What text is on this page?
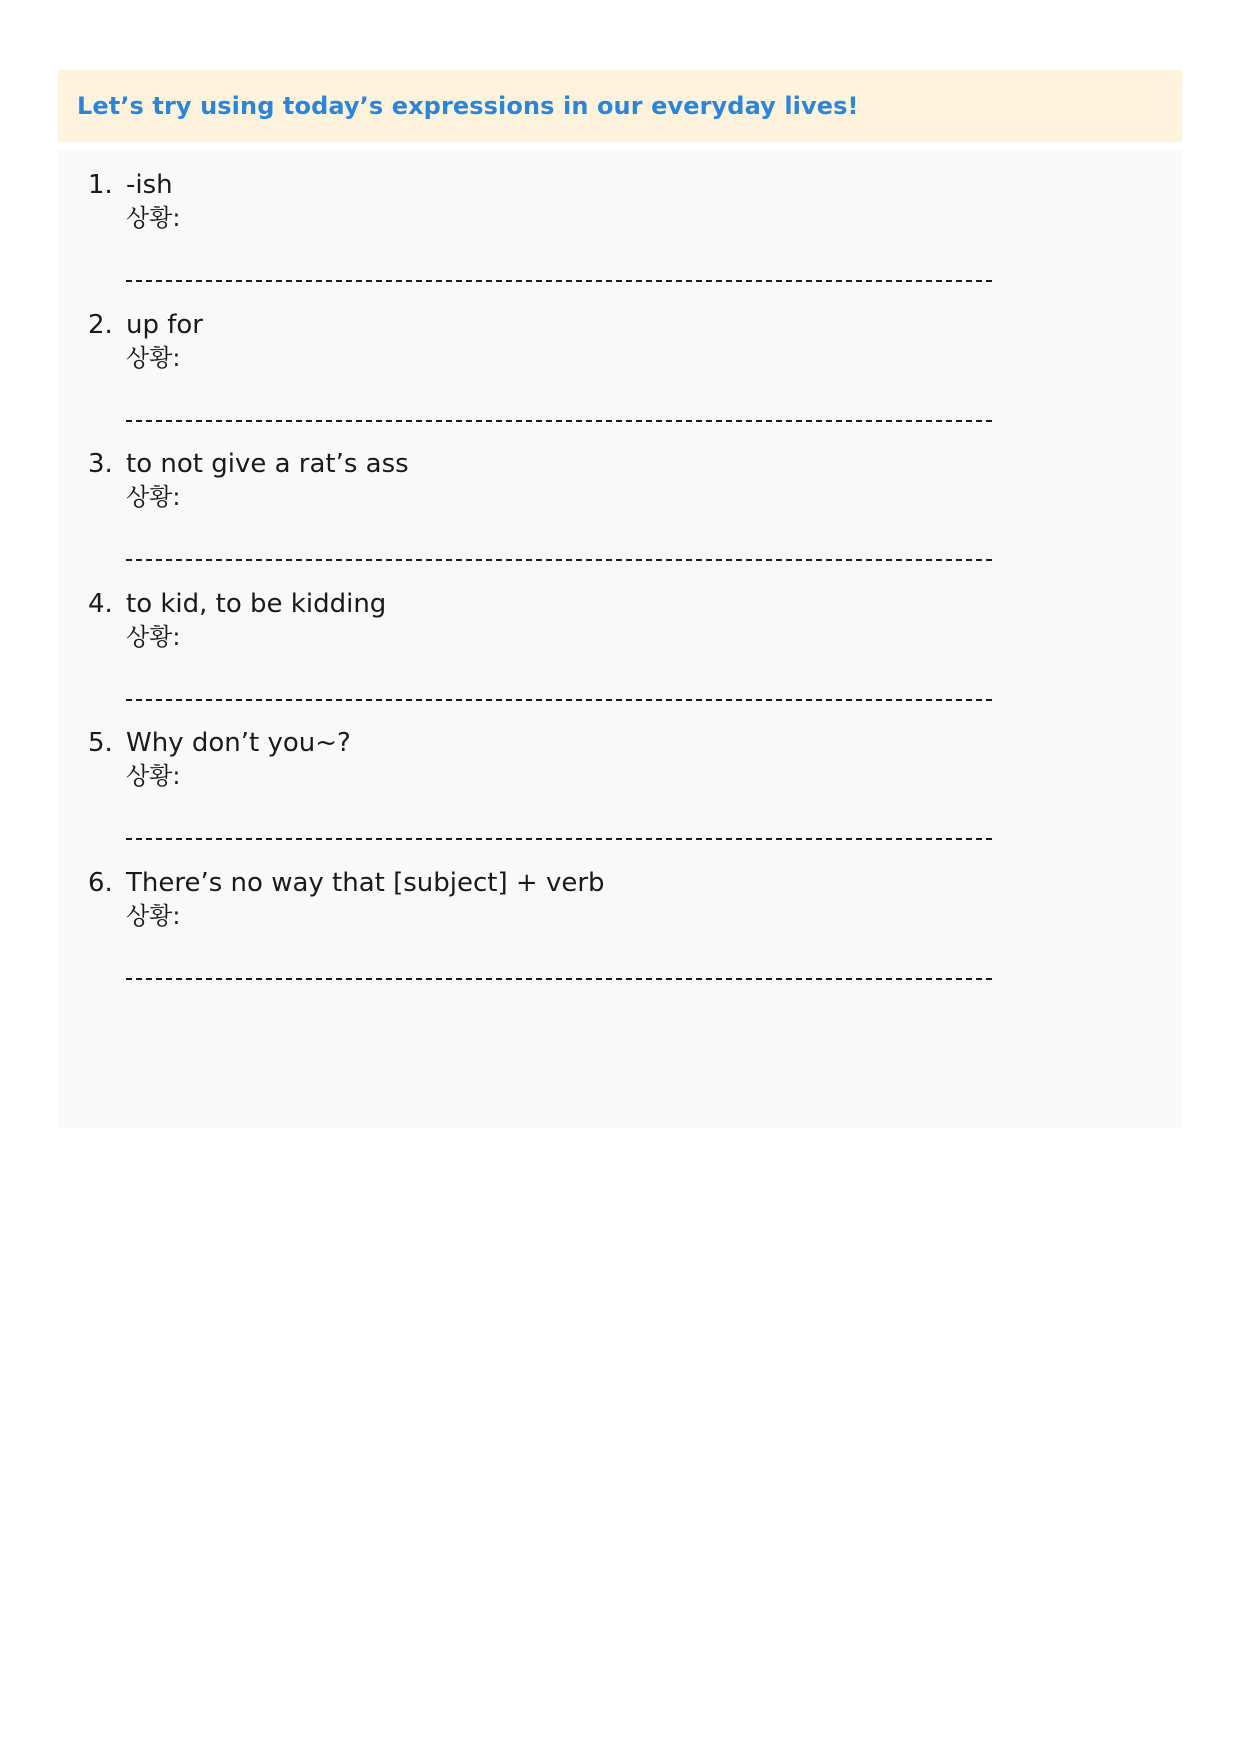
Let’s try using today’s expressions in our everyday lives!
1. -ish
상황:
2. up for
상황:
3. to not give a rat’s ass
상황:
4. to kid, to be kidding
상황:
5. Why don’t you~?
상황:
6. There’s no way that [subject] + verb
상황:
